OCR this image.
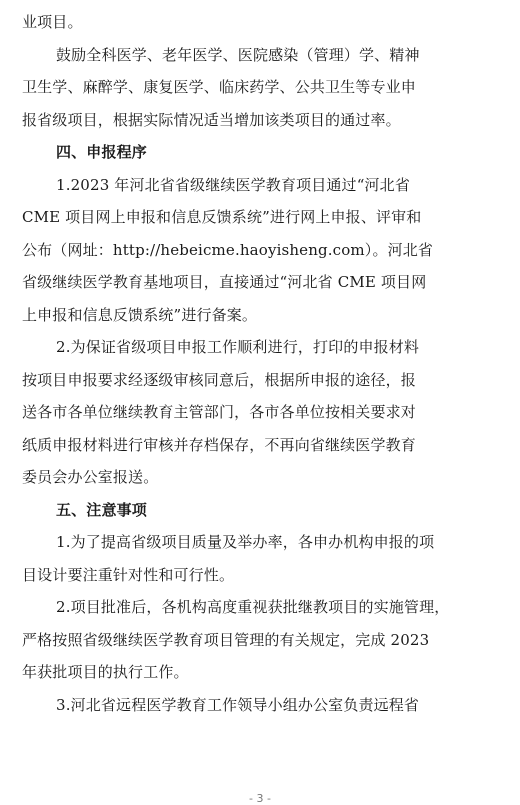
业项目。
鼓励全科医学、老年医学、医院感染（管理）学、精神
卫生学、麻醉学、康复医学、临床药学、公共卫生等专业申
报省级项目，根据实际情况适当增加该类项目的通过率。
四、申报程序
1.2023 年河北省省级继续医学教育项目通过“河北省
CME 项目网上申报和信息反馈系统”进行网上申报、评审和
公布（网址：http://hebeicme.haoyisheng.com）。河北省
省级继续医学教育基地项目，直接通过“河北省 CME 项目网
上申报和信息反馈系统”进行备案。
2.为保证省级项目申报工作顺利进行，打印的申报材料
按项目申报要求经逐级审核同意后，根据所申报的途径，报
送各市各单位继续教育主管部门，各市各单位按相关要求对
纸质申报材料进行审核并存档保存，不再向省继续医学教育
委员会办公室报送。
五、注意事项
1.为了提高省级项目质量及举办率，各申办机构申报的项
目设计要注重针对性和可行性。
2.项目批准后，各机构高度重视获批继教项目的实施管理，
严格按照省级继续医学教育项目管理的有关规定，完成 2023
年获批项目的执行工作。
3.河北省远程医学教育工作领导小组办公室负责远程省
- 3 -
